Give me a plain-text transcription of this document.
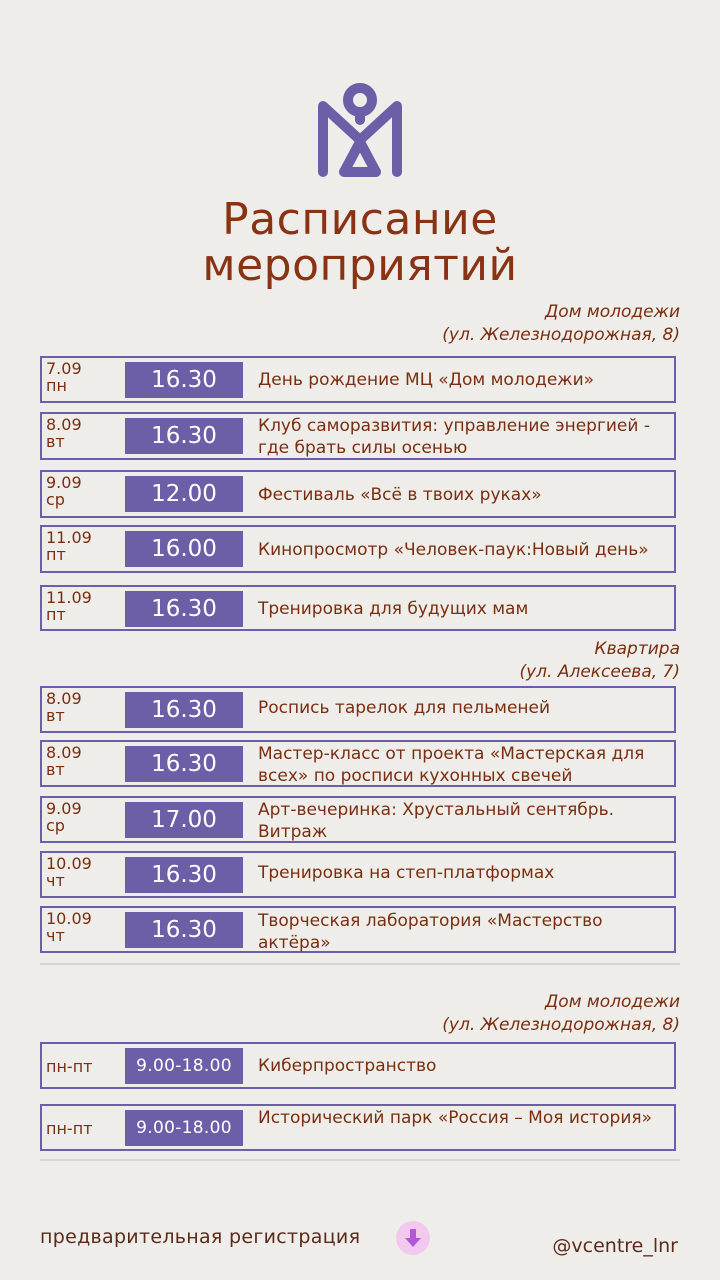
Расписание
мероприятий
Дом молодежи
(ул. Железнодорожная, 8)
7.09
пн	16.30	День рождение МЦ «Дом молодежи»
8.09
вт	16.30	Клуб саморазвития: управление энергией - где брать силы осенью
9.09
ср	12.00	Фестиваль «Всё в твоих руках»
11.09
пт	16.00	Кинопросмотр «Человек-паук:Новый день»
11.09
пт	16.30	Тренировка для будущих мам
Квартира
(ул. Алексеева, 7)
8.09
вт	16.30	Роспись тарелок для пельменей
8.09
вт	16.30	Мастер-класс от проекта «Мастерская для всех» по росписи кухонных свечей
9.09
ср	17.00	Арт-вечеринка: Хрустальный сентябрь. Витраж
10.09
чт	16.30	Тренировка на степ-платформах
10.09
чт	16.30	Творческая лаборатория «Мастерство актёра»
Дом молодежи
(ул. Железнодорожная, 8)
пн-пт	9.00-18.00	Киберпространство
пн-пт	9.00-18.00	Исторический парк «Россия – Моя история»
предварительная регистрация	@vcentre_lnr
